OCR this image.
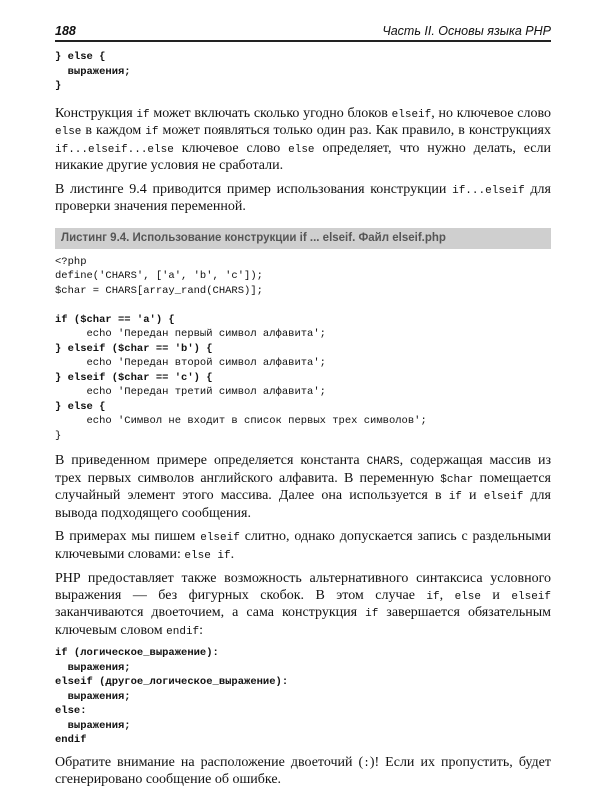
188	Часть II. Основы языка PHP
} else {
выражения;
}
Конструкция if может включать сколько угодно блоков elseif, но ключевое слово else в каждом if может появляться только один раз. Как правило, в конструкциях if...elseif...else ключевое слово else определяет, что нужно делать, если никакие другие условия не сработали.
В листинге 9.4 приводится пример использования конструкции if...elseif для проверки значения переменной.
Листинг 9.4. Использование конструкции if ... elseif. Файл elseif.php
<?php
define('CHARS', ['a', 'b', 'c']);
$char = CHARS[array_rand(CHARS)];

if ($char == 'a') {
echo 'Передан первый символ алфавита';
} elseif ($char == 'b') {
echo 'Передан второй символ алфавита';
} elseif ($char == 'c') {
echo 'Передан третий символ алфавита';
} else {
echo 'Символ не входит в список первых трех символов';
}
В приведенном примере определяется константа CHARS, содержащая массив из трех первых символов английского алфавита. В переменную $char помещается случайный элемент этого массива. Далее она используется в if и elseif для вывода подходящего сообщения.
В примерах мы пишем elseif слитно, однако допускается запись с раздельными ключевыми словами: else if.
PHP предоставляет также возможность альтернативного синтаксиса условного выражения — без фигурных скобок. В этом случае if, else и elseif заканчиваются двоеточием, а сама конструкция if завершается обязательным ключевым словом endif:
if (логическое_выражение):
выражения;
elseif (другое_логическое_выражение):
выражения;
else:
выражения;
endif
Обратите внимание на расположение двоеточий (:)! Если их пропустить, будет сгенерировано сообщение об ошибке.
